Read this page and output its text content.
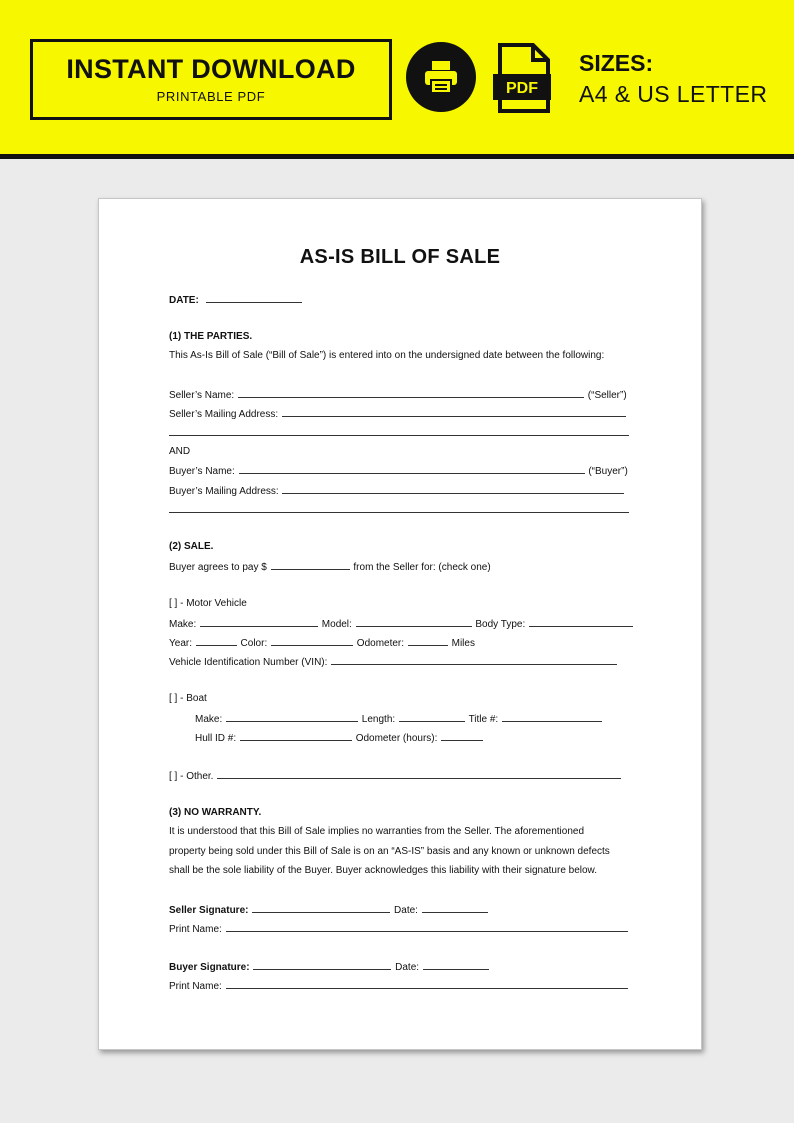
INSTANT DOWNLOAD
PRINTABLE PDF	PDF
SIZES:
A4 & US LETTER
AS-IS BILL OF SALE
DATE:
(1) THE PARTIES.
This As-Is Bill of Sale (“Bill of Sale”) is entered into on the undersigned date between the following:
Seller’s Name:	(“Seller”)
Seller’s Mailing Address:
AND
Buyer’s Name:	(“Buyer”)
Buyer’s Mailing Address:
(2) SALE.
Buyer agrees to pay $	from the Seller for: (check one)
[ ] - Motor Vehicle
Make:	Model:	Body Type:
Year:	Color:	Odometer:	Miles
Vehicle Identification Number (VIN):
[ ] - Boat
Make:	Length:	Title #:
Hull ID #:	Odometer (hours):
[ ] - Other.
(3) NO WARRANTY.
It is understood that this Bill of Sale implies no warranties from the Seller. The aforementioned
property being sold under this Bill of Sale is on an “AS-IS” basis and any known or unknown defects
shall be the sole liability of the Buyer. Buyer acknowledges this liability with their signature below.
Seller Signature:	Date:
Print Name:
Buyer Signature:	Date:
Print Name:
